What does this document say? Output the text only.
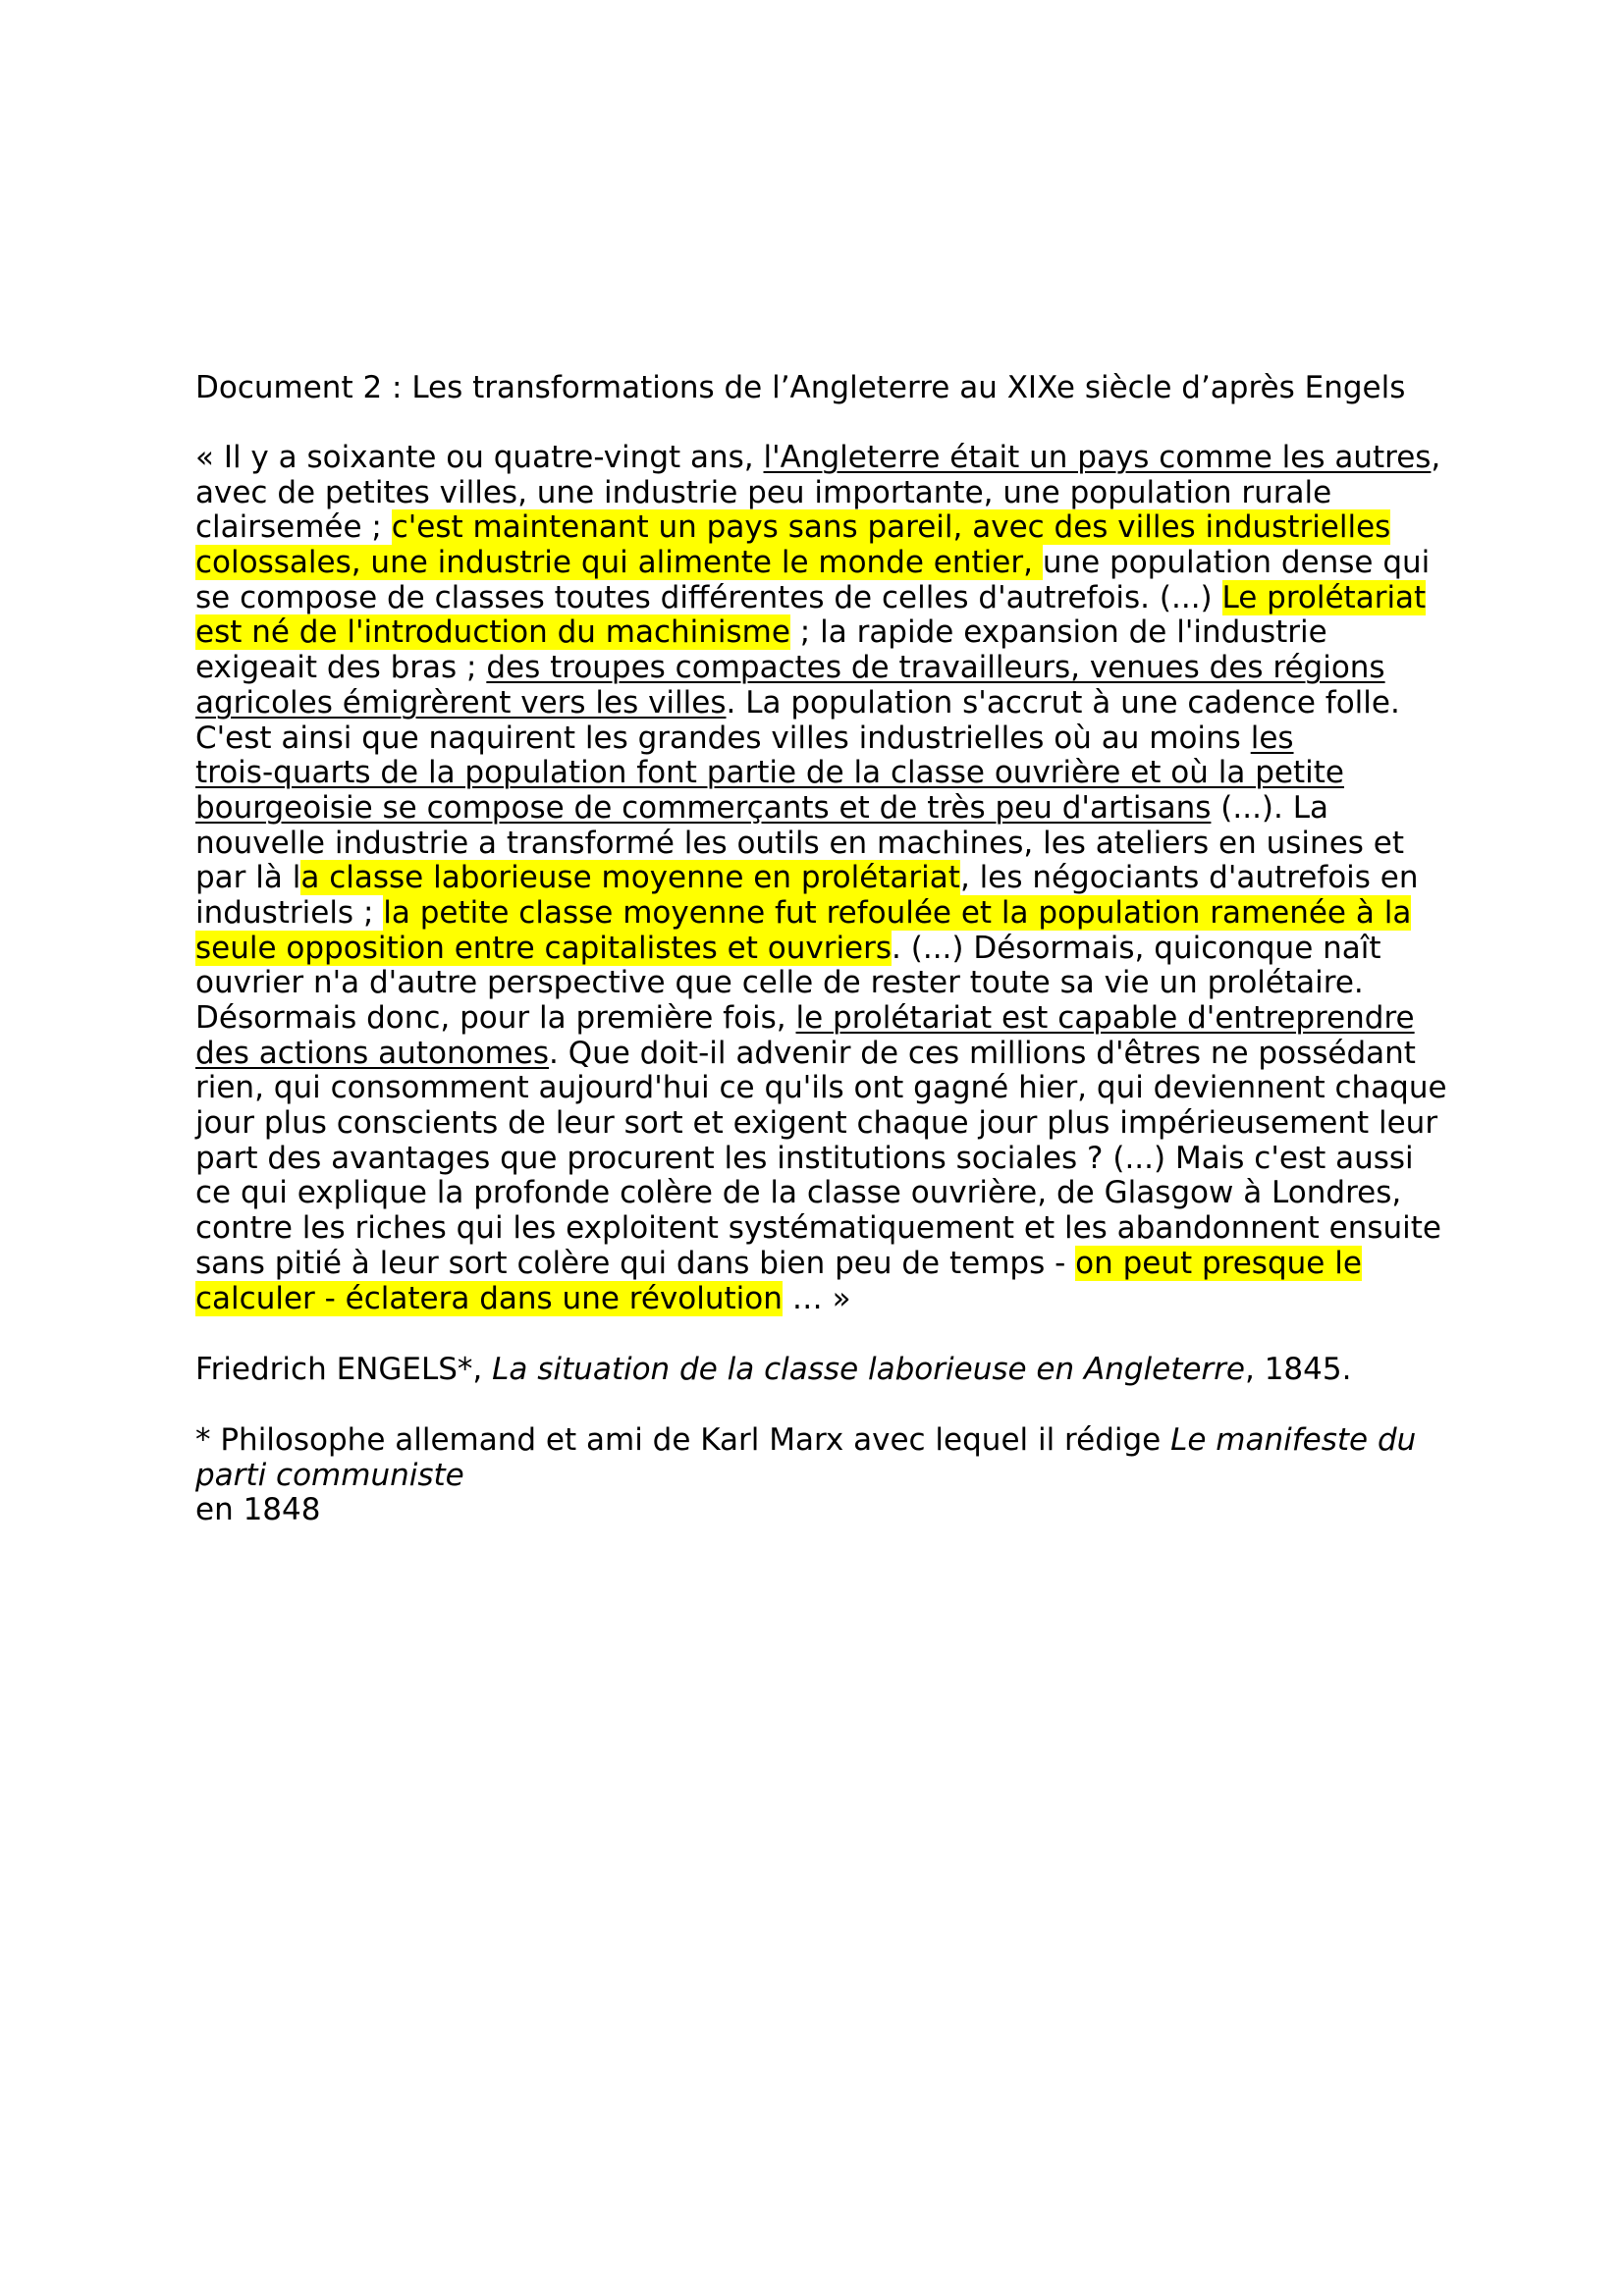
Document 2 : Les transformations de l’Angleterre au XIXe siècle d’après Engels

« Il y a soixante ou quatre-vingt ans, l'Angleterre était un pays comme les autres,
avec de petites villes, une industrie peu importante, une population rurale
clairsemée ; c'est maintenant un pays sans pareil, avec des villes industrielles
colossales, une industrie qui alimente le monde entier, une population dense qui
se compose de classes toutes différentes de celles d'autrefois. (...) Le prolétariat
est né de l'introduction du machinisme ; la rapide expansion de l'industrie
exigeait des bras ; des troupes compactes de travailleurs, venues des régions
agricoles émigrèrent vers les villes. La population s'accrut à une cadence folle.
C'est ainsi que naquirent les grandes villes industrielles où au moins les
trois-quarts de la population font partie de la classe ouvrière et où la petite
bourgeoisie se compose de commerçants et de très peu d'artisans (...). La
nouvelle industrie a transformé les outils en machines, les ateliers en usines et
par là la classe laborieuse moyenne en prolétariat, les négociants d'autrefois en
industriels ; la petite classe moyenne fut refoulée et la population ramenée à la
seule opposition entre capitalistes et ouvriers. (...) Désormais, quiconque naît
ouvrier n'a d'autre perspective que celle de rester toute sa vie un prolétaire.
Désormais donc, pour la première fois, le prolétariat est capable d'entreprendre
des actions autonomes. Que doit-il advenir de ces millions d'êtres ne possédant
rien, qui consomment aujourd'hui ce qu'ils ont gagné hier, qui deviennent chaque
jour plus conscients de leur sort et exigent chaque jour plus impérieusement leur
part des avantages que procurent les institutions sociales ? (...) Mais c'est aussi
ce qui explique la profonde colère de la classe ouvrière, de Glasgow à Londres,
contre les riches qui les exploitent systématiquement et les abandonnent ensuite
sans pitié à leur sort colère qui dans bien peu de temps - on peut presque le
calculer - éclatera dans une révolution … »

Friedrich ENGELS*, La situation de la classe laborieuse en Angleterre, 1845.

* Philosophe allemand et ami de Karl Marx avec lequel il rédige Le manifeste du
parti communiste
en 1848
